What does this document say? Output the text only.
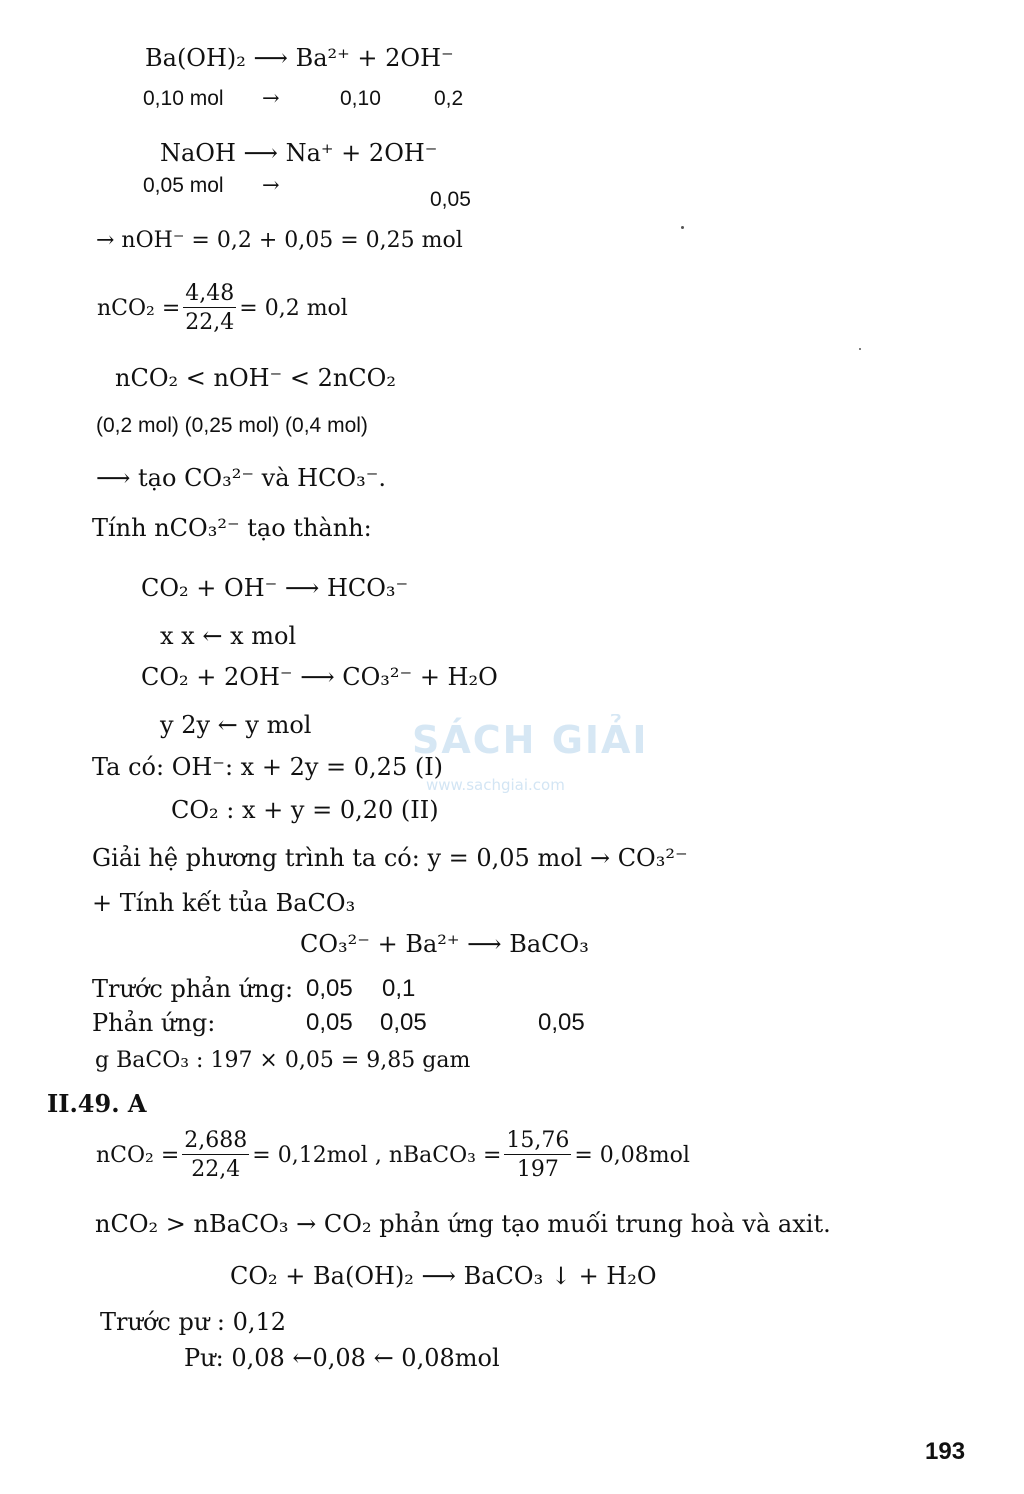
Ba(OH)₂ ⟶ Ba²⁺ + 2OH⁻
0,10 mol →	0,10	0,2
NaOH ⟶ Na⁺ + 2OH⁻
0,05 mol →
0,05
→ nOH⁻ = 0,2 + 0,05 = 0,25 mol
$nCO_2 = \frac{4,48}{22,4} = 0,2$ mol
nCO₂ < nOH⁻ < 2nCO₂
(0,2 mol) (0,25 mol) (0,4 mol)
⟶ tạo CO₃²⁻ và HCO₃⁻.
Tính nCO₃²⁻ tạo thành:
CO₂ + OH⁻ ⟶ HCO₃⁻
x x ← x mol
CO₂ + 2OH⁻ ⟶ CO₃²⁻ + H₂O
y 2y ← y mol	SÁCH GIẢI
www.sachgiai.com
Ta có: OH⁻: x + 2y = 0,25 (I)
CO₂ : x + y = 0,20 (II)
Giải hệ phương trình ta có: y = 0,05 mol → CO₃²⁻
+ Tính kết tủa BaCO₃
CO₃²⁻ + Ba²⁺ ⟶ BaCO₃
Trước phản ứng: 0,05 0,1
Phản ứng:	0,05 0,05	0,05
g BaCO₃ : 197 × 0,05 = 9,85 gam
II.49. A
$nCO_2 = \frac{2,688}{22,4} = 0,12mol$ , nBaCO₃ = $\frac{15,76}{197} = 0,08mol$
nCO₂ > nBaCO₃ → CO₂ phản ứng tạo muối trung hoà và axit.
CO₂ + Ba(OH)₂ ⟶ BaCO₃ ↓ + H₂O
Trước pư : 0,12
Pư: 0,08 ←0,08 ← 0,08mol
193
